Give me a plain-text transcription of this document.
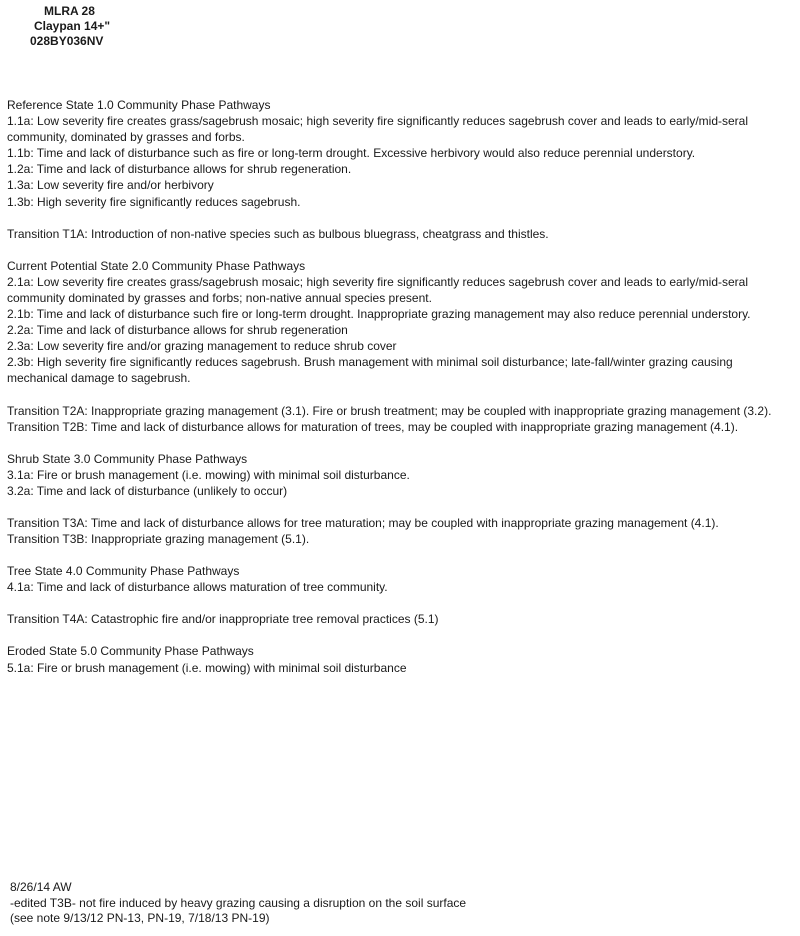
MLRA 28
Claypan 14+"
028BY036NV
Reference State 1.0 Community Phase Pathways
1.1a: Low severity fire creates grass/sagebrush mosaic; high severity fire significantly reduces sagebrush cover and leads to early/mid-seral community, dominated by grasses and forbs.
1.1b: Time and lack of disturbance such as fire or long-term drought. Excessive herbivory would also reduce perennial understory.
1.2a: Time and lack of disturbance allows for shrub regeneration.
1.3a: Low severity fire and/or herbivory
1.3b: High severity fire significantly reduces sagebrush.
Transition T1A: Introduction of non-native species such as bulbous bluegrass, cheatgrass and thistles.
Current Potential State 2.0 Community Phase Pathways
2.1a: Low severity fire creates grass/sagebrush mosaic; high severity fire significantly reduces sagebrush cover and leads to early/mid-seral community dominated by grasses and forbs; non-native annual species present.
2.1b: Time and lack of disturbance such fire or long-term drought. Inappropriate grazing management may also reduce perennial understory.
2.2a: Time and lack of disturbance allows for shrub regeneration
2.3a: Low severity fire and/or grazing management to reduce shrub cover
2.3b: High severity fire significantly reduces sagebrush. Brush management with minimal soil disturbance; late-fall/winter grazing causing mechanical damage to sagebrush.
Transition T2A: Inappropriate grazing management (3.1). Fire or brush treatment; may be coupled with inappropriate grazing management (3.2).
Transition T2B: Time and lack of disturbance allows for maturation of trees, may be coupled with inappropriate grazing management (4.1).
Shrub State 3.0 Community Phase Pathways
3.1a: Fire or brush management (i.e. mowing) with minimal soil disturbance.
3.2a: Time and lack of disturbance (unlikely to occur)
Transition T3A: Time and lack of disturbance allows for tree maturation; may be coupled with inappropriate grazing management (4.1).
Transition T3B: Inappropriate grazing management (5.1).
Tree State 4.0 Community Phase Pathways
4.1a: Time and lack of disturbance allows maturation of tree community.
Transition T4A: Catastrophic fire and/or inappropriate tree removal practices (5.1)
Eroded State 5.0 Community Phase Pathways
5.1a: Fire or brush management (i.e. mowing) with minimal soil disturbance
8/26/14 AW
-edited T3B- not fire induced by heavy grazing causing a disruption on the soil surface (see note 9/13/12 PN-13, PN-19, 7/18/13 PN-19)
